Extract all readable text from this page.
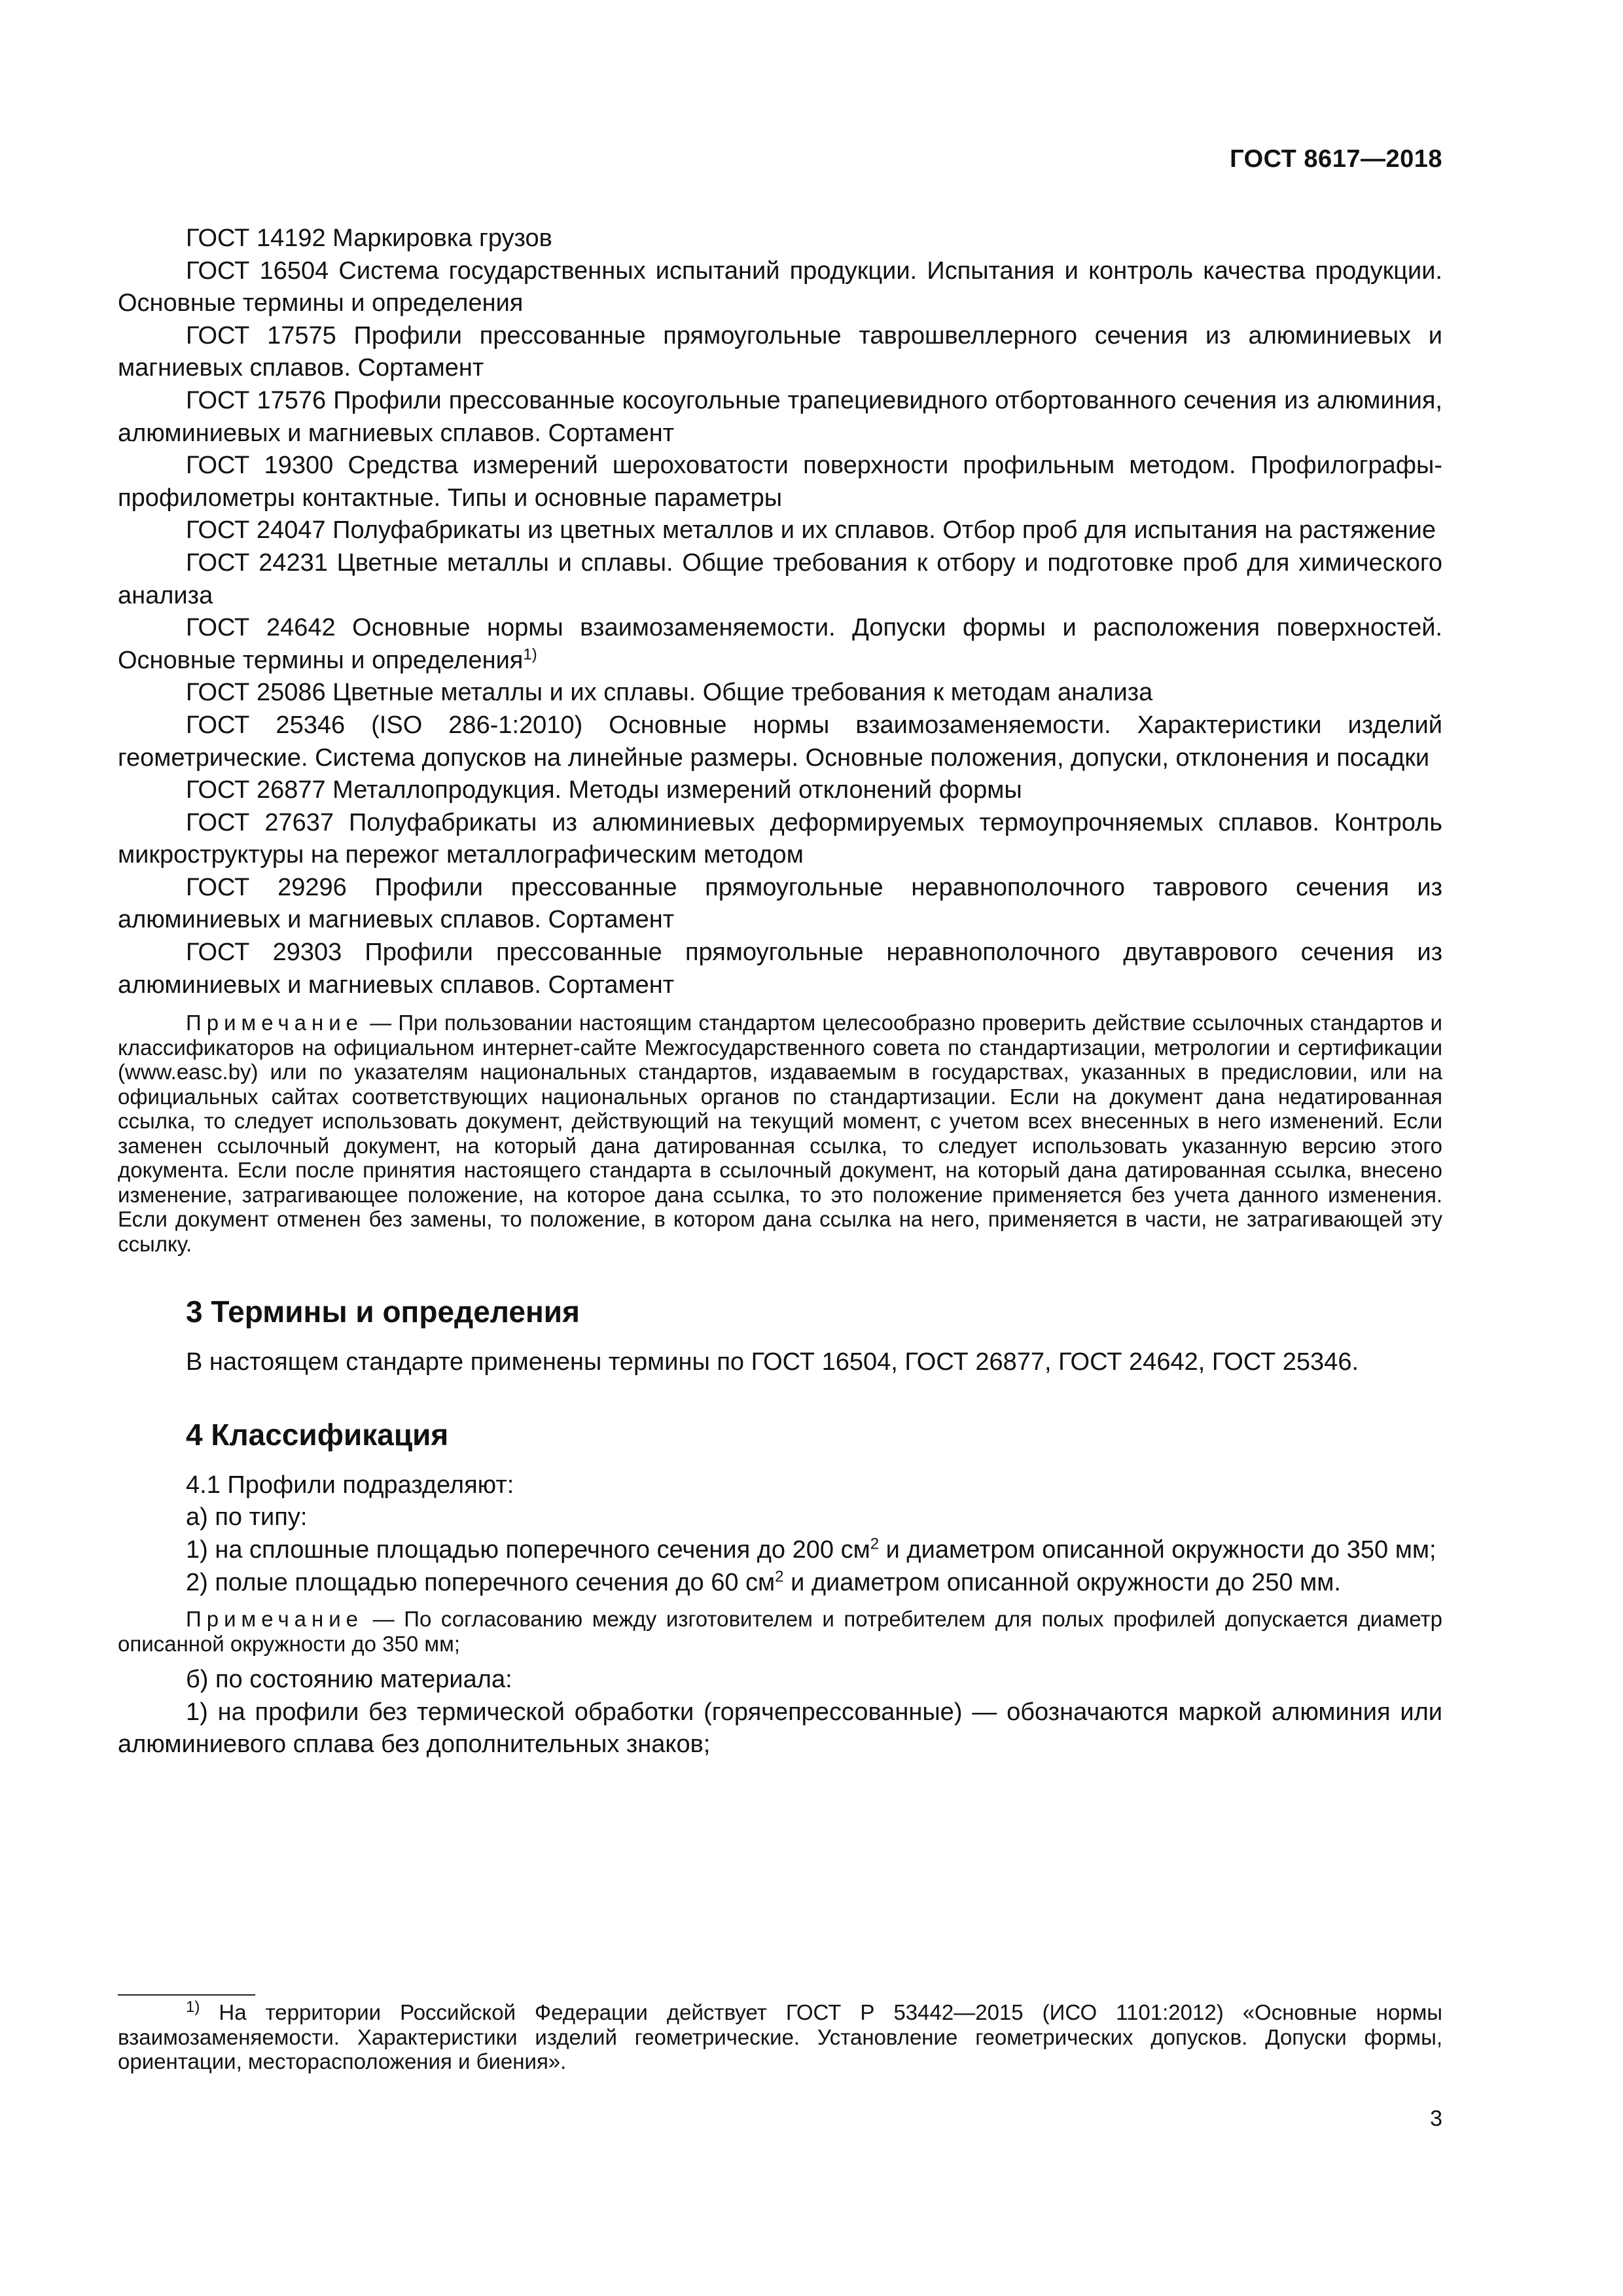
ГОСТ 8617—2018

ГОСТ 14192 Маркировка грузов

ГОСТ 16504 Система государственных испытаний продукции. Испытания и контроль качества продукции. Основные термины и определения

ГОСТ 17575 Профили прессованные прямоугольные таврошвеллерного сечения из алюминиевых и магниевых сплавов. Сортамент

ГОСТ 17576 Профили прессованные косоугольные трапециевидного отбортованного сечения из алюминия, алюминиевых и магниевых сплавов. Сортамент

ГОСТ 19300 Средства измерений шероховатости поверхности профильным методом. Профилографы-профилометры контактные. Типы и основные параметры

ГОСТ 24047 Полуфабрикаты из цветных металлов и их сплавов. Отбор проб для испытания на растяжение

ГОСТ 24231 Цветные металлы и сплавы. Общие требования к отбору и подготовке проб для химического анализа

ГОСТ 24642 Основные нормы взаимозаменяемости. Допуски формы и расположения поверхностей. Основные термины и определения$^{1)}$

ГОСТ 25086 Цветные металлы и их сплавы. Общие требования к методам анализа

ГОСТ 25346 (ISO 286-1:2010) Основные нормы взаимозаменяемости. Характеристики изделий геометрические. Система допусков на линейные размеры. Основные положения, допуски, отклонения и посадки

ГОСТ 26877 Металлопродукция. Методы измерений отклонений формы

ГОСТ 27637 Полуфабрикаты из алюминиевых деформируемых термоупрочняемых сплавов. Контроль микроструктуры на пережог металлографическим методом

ГОСТ 29296 Профили прессованные прямоугольные неравнополочного таврового сечения из алюминиевых и магниевых сплавов. Сортамент

ГОСТ 29303 Профили прессованные прямоугольные неравнополочного двутаврового сечения из алюминиевых и магниевых сплавов. Сортамент

Примечание — При пользовании настоящим стандартом целесообразно проверить действие ссылочных стандартов и классификаторов на официальном интернет-сайте Межгосударственного совета по стандартизации, метрологии и сертификации (www.easc.by) или по указателям национальных стандартов, издаваемым в государствах, указанных в предисловии, или на официальных сайтах соответствующих национальных органов по стандартизации. Если на документ дана недатированная ссылка, то следует использовать документ, действующий на текущий момент, с учетом всех внесенных в него изменений. Если заменен ссылочный документ, на который дана датированная ссылка, то следует использовать указанную версию этого документа. Если после принятия настоящего стандарта в ссылочный документ, на который дана датированная ссылка, внесено изменение, затрагивающее положение, на которое дана ссылка, то это положение применяется без учета данного изменения. Если документ отменен без замены, то положение, в котором дана ссылка на него, применяется в части, не затрагивающей эту ссылку.

3 Термины и определения

В настоящем стандарте применены термины по ГОСТ 16504, ГОСТ 26877, ГОСТ 24642, ГОСТ 25346.

4 Классификация

4.1 Профили подразделяют:

а) по типу:

1) на сплошные площадью поперечного сечения до 200 $см^2$ и диаметром описанной окружности до 350 мм;

2) полые площадью поперечного сечения до 60 $см^2$ и диаметром описанной окружности до 250 мм.

Примечание — По согласованию между изготовителем и потребителем для полых профилей допускается диаметр описанной окружности до 350 мм;

б) по состоянию материала:

1) на профили без термической обработки (горячепрессованные) — обозначаются маркой алюминия или алюминиевого сплава без дополнительных знаков;

$^{1)}$ На территории Российской Федерации действует ГОСТ Р 53442—2015 (ИСО 1101:2012) «Основные нормы взаимозаменяемости. Характеристики изделий геометрические. Установление геометрических допусков. Допуски формы, ориентации, месторасположения и биения».
3
